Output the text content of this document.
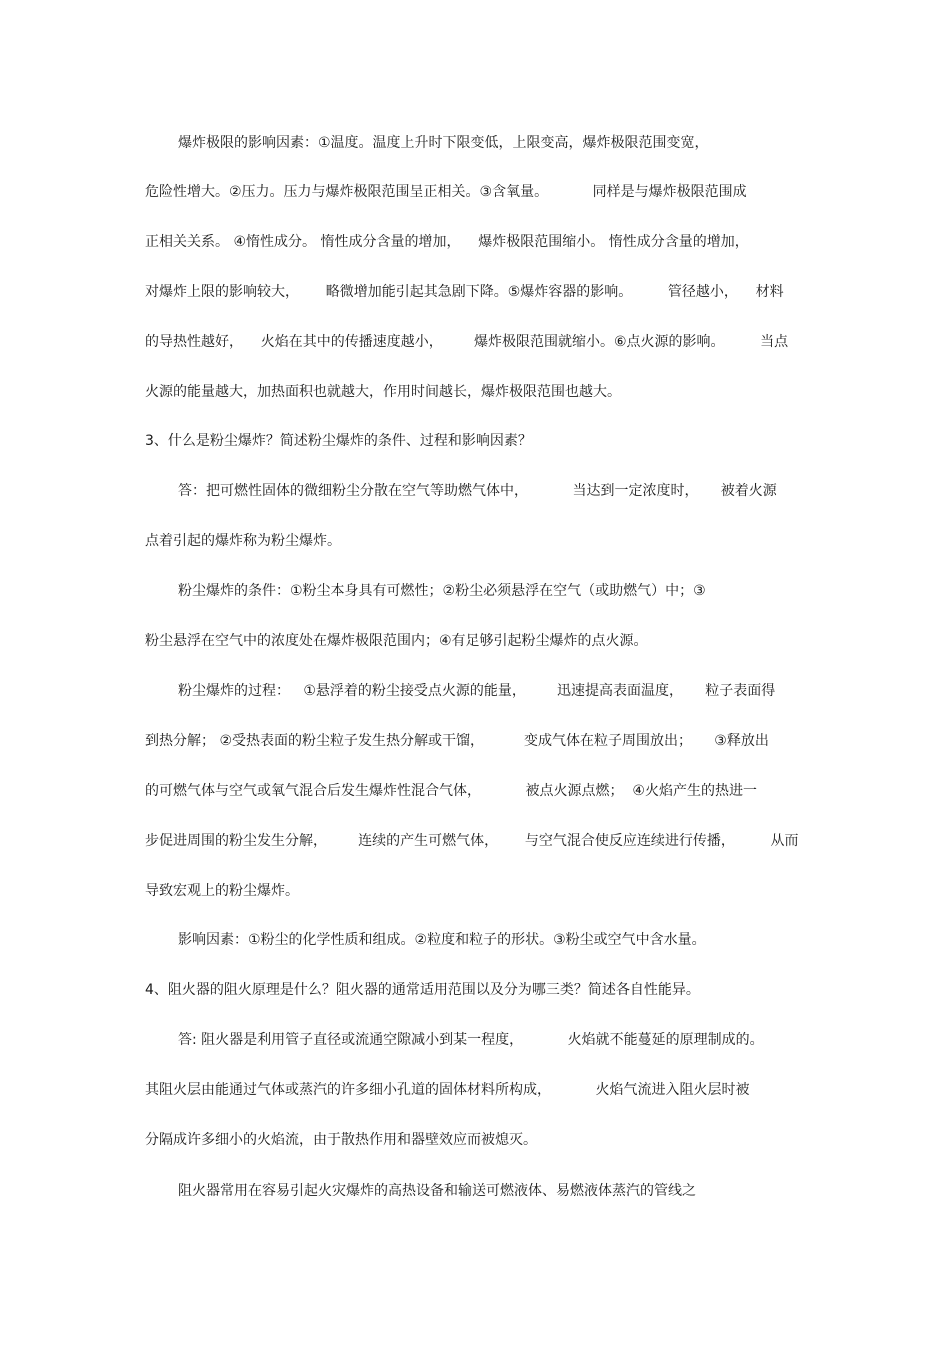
爆炸极限的影响因素：①温度。温度上升时下限变低，上限变高，爆炸极限范围变宽，

危险性增大。②压力。压力与爆炸极限范围呈正相关。③含氧量。          同样是与爆炸极限范围成

正相关关系。 ④惰性成分。 惰性成分含量的增加，    爆炸极限范围缩小。 惰性成分含量的增加，

对爆炸上限的影响较大，      略微增加能引起其急剧下降。⑤爆炸容器的影响。        管径越小，    材料

的导热性越好，    火焰在其中的传播速度越小，       爆炸极限范围就缩小。⑥点火源的影响。        当点

火源的能量越大，加热面积也就越大，作用时间越长，爆炸极限范围也越大。

3、什么是粉尘爆炸？简述粉尘爆炸的条件、过程和影响因素？

答：把可燃性固体的微细粉尘分散在空气等助燃气体中，          当达到一定浓度时，     被着火源

点着引起的爆炸称为粉尘爆炸。

粉尘爆炸的条件：①粉尘本身具有可燃性；②粉尘必须悬浮在空气（或助燃气）中；③

粉尘悬浮在空气中的浓度处在爆炸极限范围内；④有足够引起粉尘爆炸的点火源。

粉尘爆炸的过程：   ①悬浮着的粉尘接受点火源的能量，       迅速提高表面温度，     粒子表面得

到热分解； ②受热表面的粉尘粒子发生热分解或干馏，         变成气体在粒子周围放出；     ③释放出

的可燃气体与空气或氧气混合后发生爆炸性混合气体，          被点火源点燃；  ④火焰产生的热进一

步促进周围的粉尘发生分解，       连续的产生可燃气体，      与空气混合使反应连续进行传播，        从而

导致宏观上的粉尘爆炸。

影响因素：①粉尘的化学性质和组成。②粒度和粒子的形状。③粉尘或空气中含水量。

4、阻火器的阻火原理是什么？阻火器的通常适用范围以及分为哪三类？简述各自性能异。

答: 阻火器是利用管子直径或流通空隙减小到某一程度，          火焰就不能蔓延的原理制成的。

其阻火层由能通过气体或蒸汽的许多细小孔道的固体材料所构成，          火焰气流进入阻火层时被

分隔成许多细小的火焰流，由于散热作用和器壁效应而被熄灭。

阻火器常用在容易引起火灾爆炸的高热设备和输送可燃液体、易燃液体蒸汽的管线之
